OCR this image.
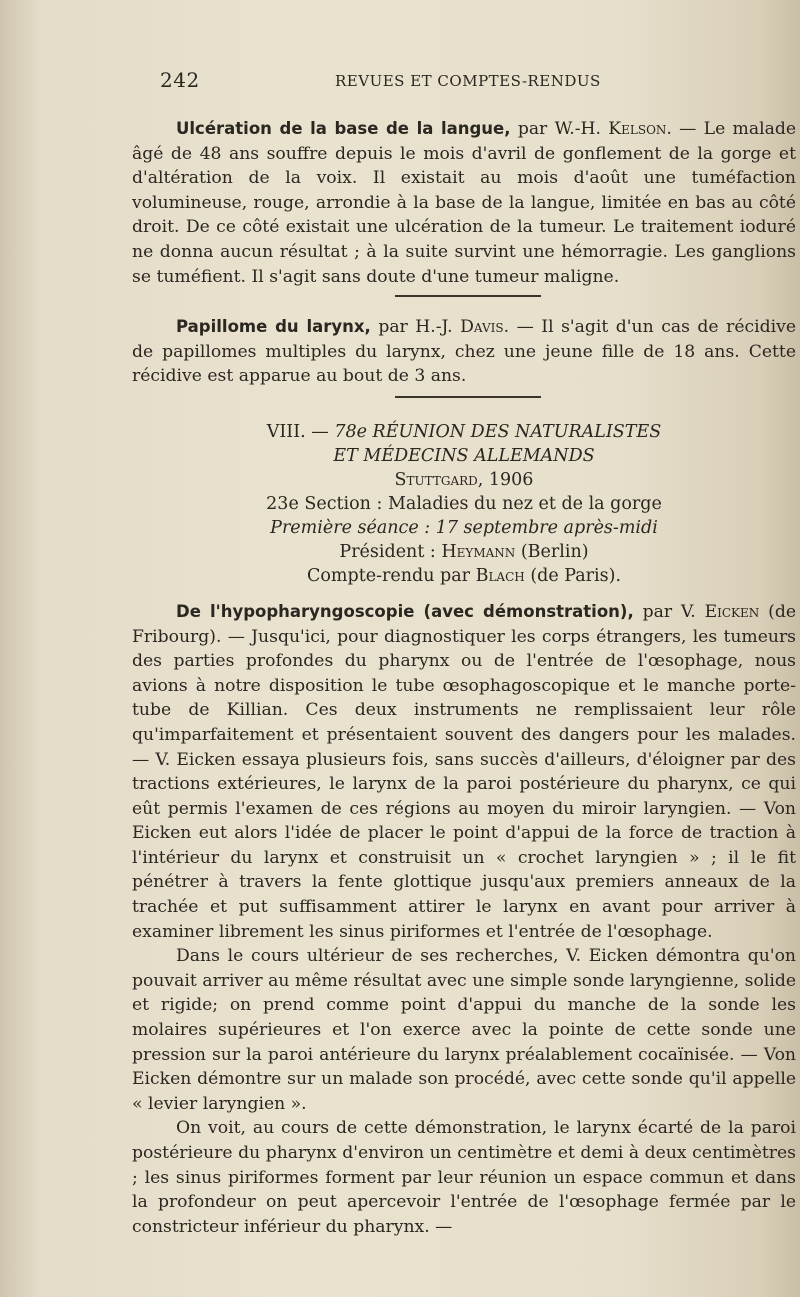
242	REVUES ET COMPTES-RENDUS

Ulcération de la base de la langue, par W.-H. Kelson. — Le malade âgé de 48 ans souffre depuis le mois d'avril de gonflement de la gorge et d'altération de la voix. Il existait au mois d'août une tuméfaction volumineuse, rouge, arrondie à la base de la langue, limitée en bas au côté droit. De ce côté existait une ulcération de la tumeur. Le traitement ioduré ne donna aucun résultat ; à la suite survint une hémorragie. Les ganglions se tuméfient. Il s'agit sans doute d'une tumeur maligne.

Papillome du larynx, par H.-J. Davis. — Il s'agit d'un cas de récidive de papillomes multiples du larynx, chez une jeune fille de 18 ans. Cette récidive est apparue au bout de 3 ans.

VIII. — 78e RÉUNION DES NATURALISTES
ET MÉDECINS ALLEMANDS
Stuttgard, 1906
23e Section : Maladies du nez et de la gorge
Première séance : 17 septembre après-midi
Président : Heymann (Berlin)
Compte-rendu par Blach (de Paris).

De l'hypopharyngoscopie (avec démonstration), par V. Eicken (de Fribourg). — Jusqu'ici, pour diagnostiquer les corps étrangers, les tumeurs des parties profondes du pharynx ou de l'entrée de l'œsophage, nous avions à notre disposition le tube œsophagoscopique et le manche porte-tube de Killian. Ces deux instruments ne remplissaient leur rôle qu'imparfaitement et présentaient souvent des dangers pour les malades. — V. Eicken essaya plusieurs fois, sans succès d'ailleurs, d'éloigner par des tractions extérieures, le larynx de la paroi postérieure du pharynx, ce qui eût permis l'examen de ces régions au moyen du miroir laryngien. — Von Eicken eut alors l'idée de placer le point d'appui de la force de traction à l'intérieur du larynx et construisit un « crochet laryngien » ; il le fit pénétrer à travers la fente glottique jusqu'aux premiers anneaux de la trachée et put suffisamment attirer le larynx en avant pour arriver à examiner librement les sinus piriformes et l'entrée de l'œsophage.

Dans le cours ultérieur de ses recherches, V. Eicken démontra qu'on pouvait arriver au même résultat avec une simple sonde laryngienne, solide et rigide; on prend comme point d'appui du manche de la sonde les molaires supérieures et l'on exerce avec la pointe de cette sonde une pression sur la paroi antérieure du larynx préalablement cocaïnisée. — Von Eicken démontre sur un malade son procédé, avec cette sonde qu'il appelle « levier laryngien ».

On voit, au cours de cette démonstration, le larynx écarté de la paroi postérieure du pharynx d'environ un centimètre et demi à deux centimètres ; les sinus piriformes forment par leur réunion un espace commun et dans la profondeur on peut apercevoir l'entrée de l'œsophage fermée par le constricteur inférieur du pharynx. —
